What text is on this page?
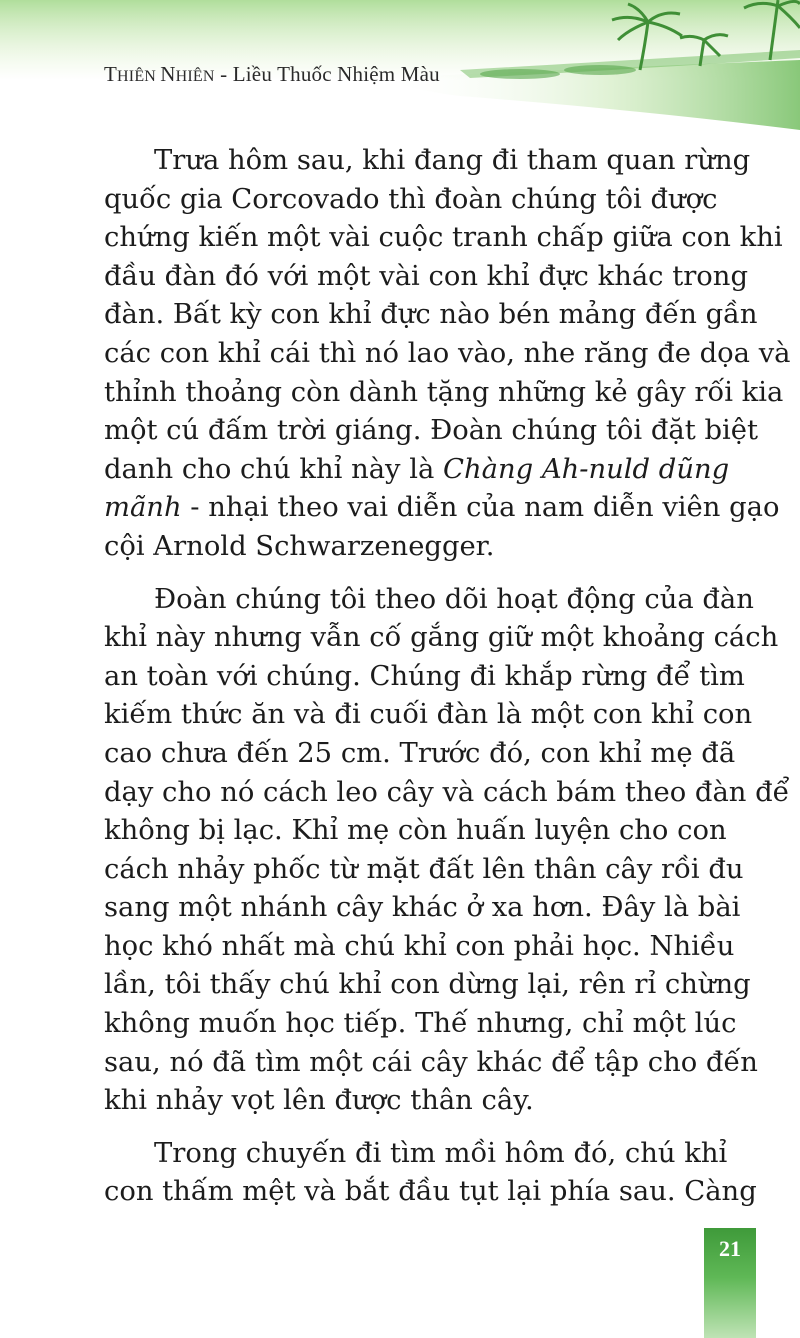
THIÊN NHIÊN - Liều Thuốc Nhiệm Màu

Trưa hôm sau, khi đang đi tham quan rừng
quốc gia Corcovado thì đoàn chúng tôi được
chứng kiến một vài cuộc tranh chấp giữa con khi
đầu đàn đó với một vài con khỉ đực khác trong
đàn. Bất kỳ con khỉ đực nào bén mảng đến gần
các con khỉ cái thì nó lao vào, nhe răng đe dọa và
thỉnh thoảng còn dành tặng những kẻ gây rối kia
một cú đấm trời giáng. Đoàn chúng tôi đặt biệt
danh cho chú khỉ này là Chàng Ah-nuld dũng
mãnh - nhại theo vai diễn của nam diễn viên gạo
cội Arnold Schwarzenegger.

Đoàn chúng tôi theo dõi hoạt động của đàn
khỉ này nhưng vẫn cố gắng giữ một khoảng cách
an toàn với chúng. Chúng đi khắp rừng để tìm
kiếm thức ăn và đi cuối đàn là một con khỉ con
cao chưa đến 25 cm. Trước đó, con khỉ mẹ đã
dạy cho nó cách leo cây và cách bám theo đàn để
không bị lạc. Khỉ mẹ còn huấn luyện cho con
cách nhảy phốc từ mặt đất lên thân cây rồi đu
sang một nhánh cây khác ở xa hơn. Đây là bài
học khó nhất mà chú khỉ con phải học. Nhiều
lần, tôi thấy chú khỉ con dừng lại, rên rỉ chừng
không muốn học tiếp. Thế nhưng, chỉ một lúc
sau, nó đã tìm một cái cây khác để tập cho đến
khi nhảy vọt lên được thân cây.

Trong chuyến đi tìm mồi hôm đó, chú khỉ
con thấm mệt và bắt đầu tụt lại phía sau. Càng

21
